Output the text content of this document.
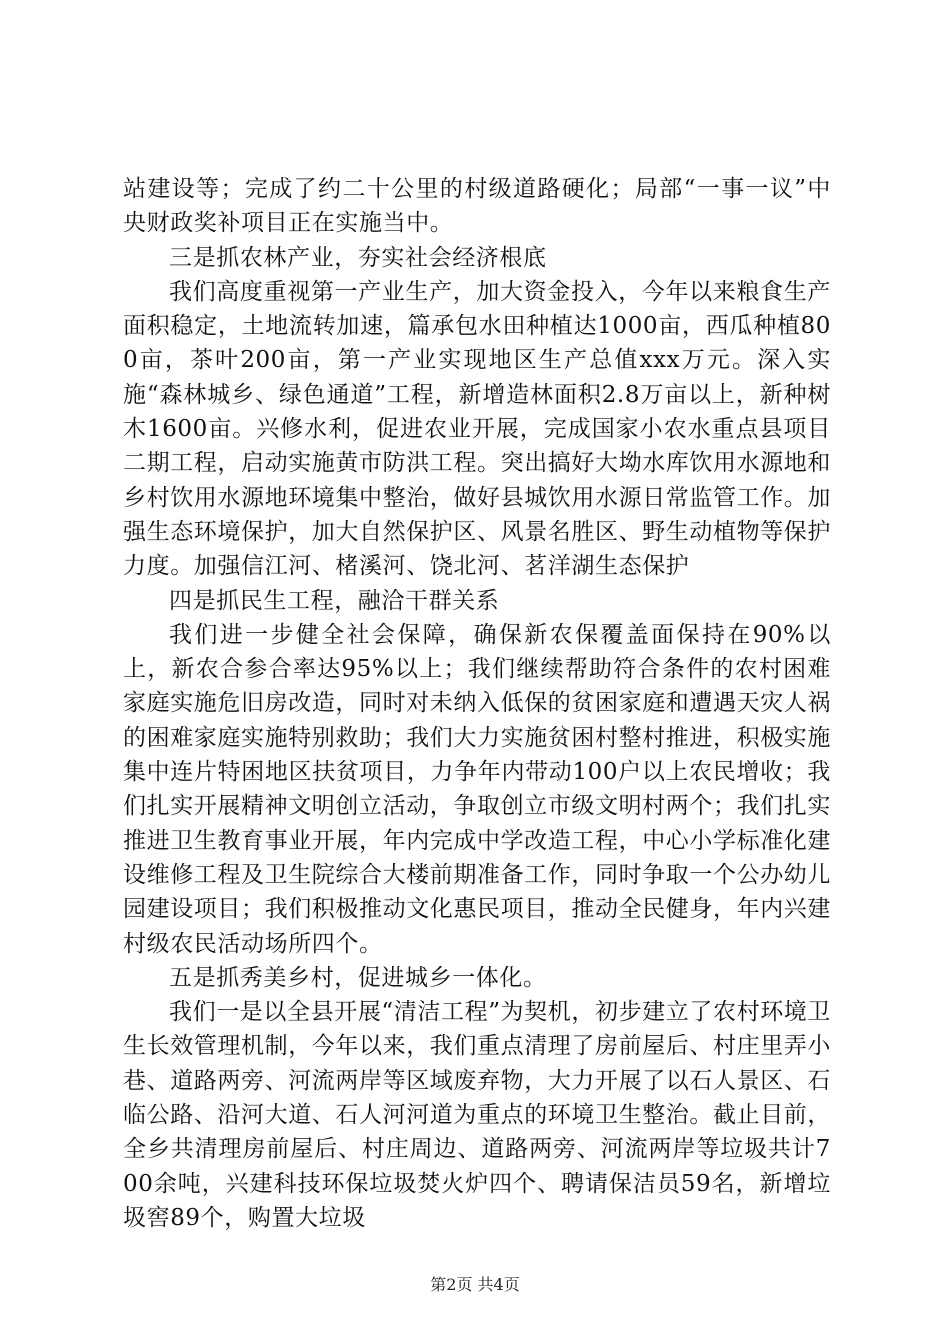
站建设等；完成了约二十公里的村级道路硬化；局部“一事一议”中央财政奖补项目正在实施当中。

三是抓农林产业，夯实社会经济根底

我们高度重视第一产业生产，加大资金投入，今年以来粮食生产面积稳定，土地流转加速，篇承包水田种植达1000亩，西瓜种植800亩，茶叶200亩，第一产业实现地区生产总值xxx万元。深入实施“森林城乡、绿色通道”工程，新增造林面积2.8万亩以上，新种树木1600亩。兴修水利，促进农业开展，完成国家小农水重点县项目二期工程，启动实施黄市防洪工程。突出搞好大坳水库饮用水源地和乡村饮用水源地环境集中整治，做好县城饮用水源日常监管工作。加强生态环境保护，加大自然保护区、风景名胜区、野生动植物等保护力度。加强信江河、楮溪河、饶北河、茗洋湖生态保护

四是抓民生工程，融洽干群关系

我们进一步健全社会保障，确保新农保覆盖面保持在90%以上，新农合参合率达95%以上；我们继续帮助符合条件的农村困难家庭实施危旧房改造，同时对未纳入低保的贫困家庭和遭遇天灾人祸的困难家庭实施特别救助；我们大力实施贫困村整村推进，积极实施集中连片特困地区扶贫项目，力争年内带动100户以上农民增收；我们扎实开展精神文明创立活动，争取创立市级文明村两个；我们扎实推进卫生教育事业开展，年内完成中学改造工程，中心小学标准化建设维修工程及卫生院综合大楼前期准备工作，同时争取一个公办幼儿园建设项目；我们积极推动文化惠民项目，推动全民健身，年内兴建村级农民活动场所四个。

五是抓秀美乡村，促进城乡一体化。

我们一是以全县开展“清洁工程”为契机，初步建立了农村环境卫生长效管理机制，今年以来，我们重点清理了房前屋后、村庄里弄小巷、道路两旁、河流两岸等区域废弃物，大力开展了以石人景区、石临公路、沿河大道、石人河河道为重点的环境卫生整治。截止目前，全乡共清理房前屋后、村庄周边、道路两旁、河流两岸等垃圾共计700余吨，兴建科技环保垃圾焚火炉四个、聘请保洁员59名，新增垃圾窖89个，购置大垃圾

第2页 共4页
